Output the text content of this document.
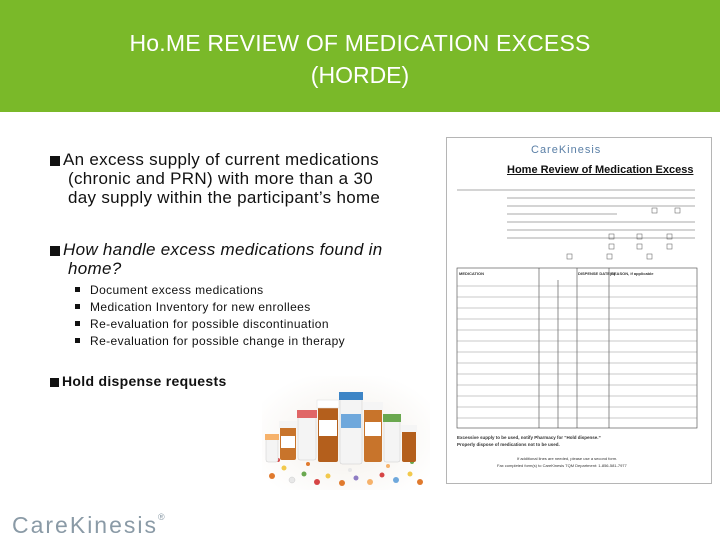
Ho.ME REVIEW OF MEDICATION EXCESS
(HORDE)
An excess supply of current medications
(chronic and PRN) with more than a 30
day supply within the participant’s home
How handle excess medications found in
home?
Document excess medications
Medication Inventory for new enrollees
Re-evaluation for possible discontinuation
Re-evaluation for possible change in therapy
Hold dispense requests
CareKinesis
Home Review of Medication Excess
MEDICATION	DISPENSE DATE(S)
REASON, if applicable
Excessive supply to be used, notify Pharmacy for “Hold dispense.”
Properly dispose of medications not to be used.
If additional lines are needed, please use a second form.
Fax completed form(s) to CareKinesis TQM Department: 1-856-581-7977
CareKinesis®
